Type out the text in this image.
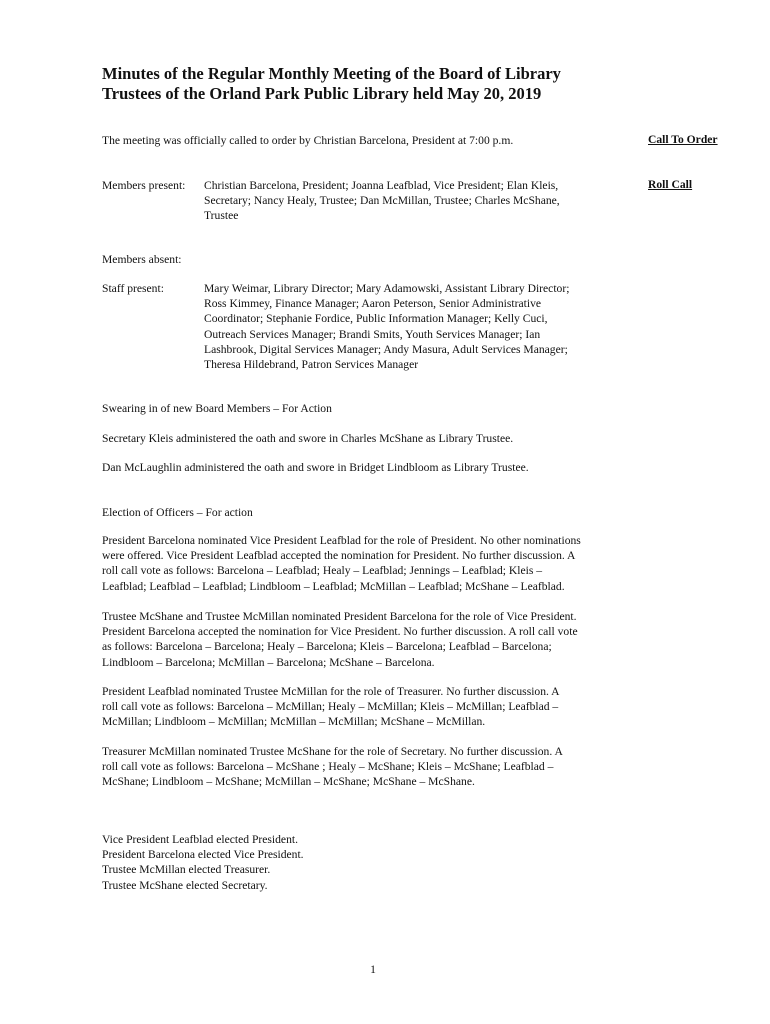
Minutes of the Regular Monthly Meeting of the Board of Library
Trustees of the Orland Park Public Library held May 20, 2019

The meeting was officially called to order by Christian Barcelona, President at 7:00 p.m.	Call To Order
Members present: Christian Barcelona, President; Joanna Leafblad, Vice President; Elan Kleis,
Secretary; Nancy Healy, Trustee; Dan McMillan, Trustee; Charles McShane,
Trustee
Roll Call
Members absent:
Staff present:	Mary Weimar, Library Director; Mary Adamowski, Assistant Library Director;
Ross Kimmey, Finance Manager; Aaron Peterson, Senior Administrative
Coordinator; Stephanie Fordice, Public Information Manager; Kelly Cuci,
Outreach Services Manager; Brandi Smits, Youth Services Manager; Ian
Lashbrook, Digital Services Manager; Andy Masura, Adult Services Manager;
Theresa Hildebrand, Patron Services Manager

Swearing in of new Board Members – For Action

Secretary Kleis administered the oath and swore in Charles McShane as Library Trustee.

Dan McLaughlin administered the oath and swore in Bridget Lindbloom as Library Trustee.

Election of Officers – For action

President Barcelona nominated Vice President Leafblad for the role of President. No other nominations
were offered. Vice President Leafblad accepted the nomination for President. No further discussion. A
roll call vote as follows: Barcelona – Leafblad; Healy – Leafblad; Jennings – Leafblad; Kleis –
Leafblad; Leafblad – Leafblad; Lindbloom – Leafblad; McMillan – Leafblad; McShane – Leafblad.

Trustee McShane and Trustee McMillan nominated President Barcelona for the role of Vice President.
President Barcelona accepted the nomination for Vice President. No further discussion. A roll call vote
as follows: Barcelona – Barcelona; Healy – Barcelona; Kleis – Barcelona; Leafblad – Barcelona;
Lindbloom – Barcelona; McMillan – Barcelona; McShane – Barcelona.

President Leafblad nominated Trustee McMillan for the role of Treasurer. No further discussion. A
roll call vote as follows: Barcelona – McMillan; Healy – McMillan; Kleis – McMillan; Leafblad –
McMillan; Lindbloom – McMillan; McMillan – McMillan; McShane – McMillan.

Treasurer McMillan nominated Trustee McShane for the role of Secretary. No further discussion. A
roll call vote as follows: Barcelona – McShane ; Healy – McShane; Kleis – McShane; Leafblad –
McShane; Lindbloom – McShane; McMillan – McShane; McShane – McShane.

Vice President Leafblad elected President.
President Barcelona elected Vice President.
Trustee McMillan elected Treasurer.
Trustee McShane elected Secretary.

1
